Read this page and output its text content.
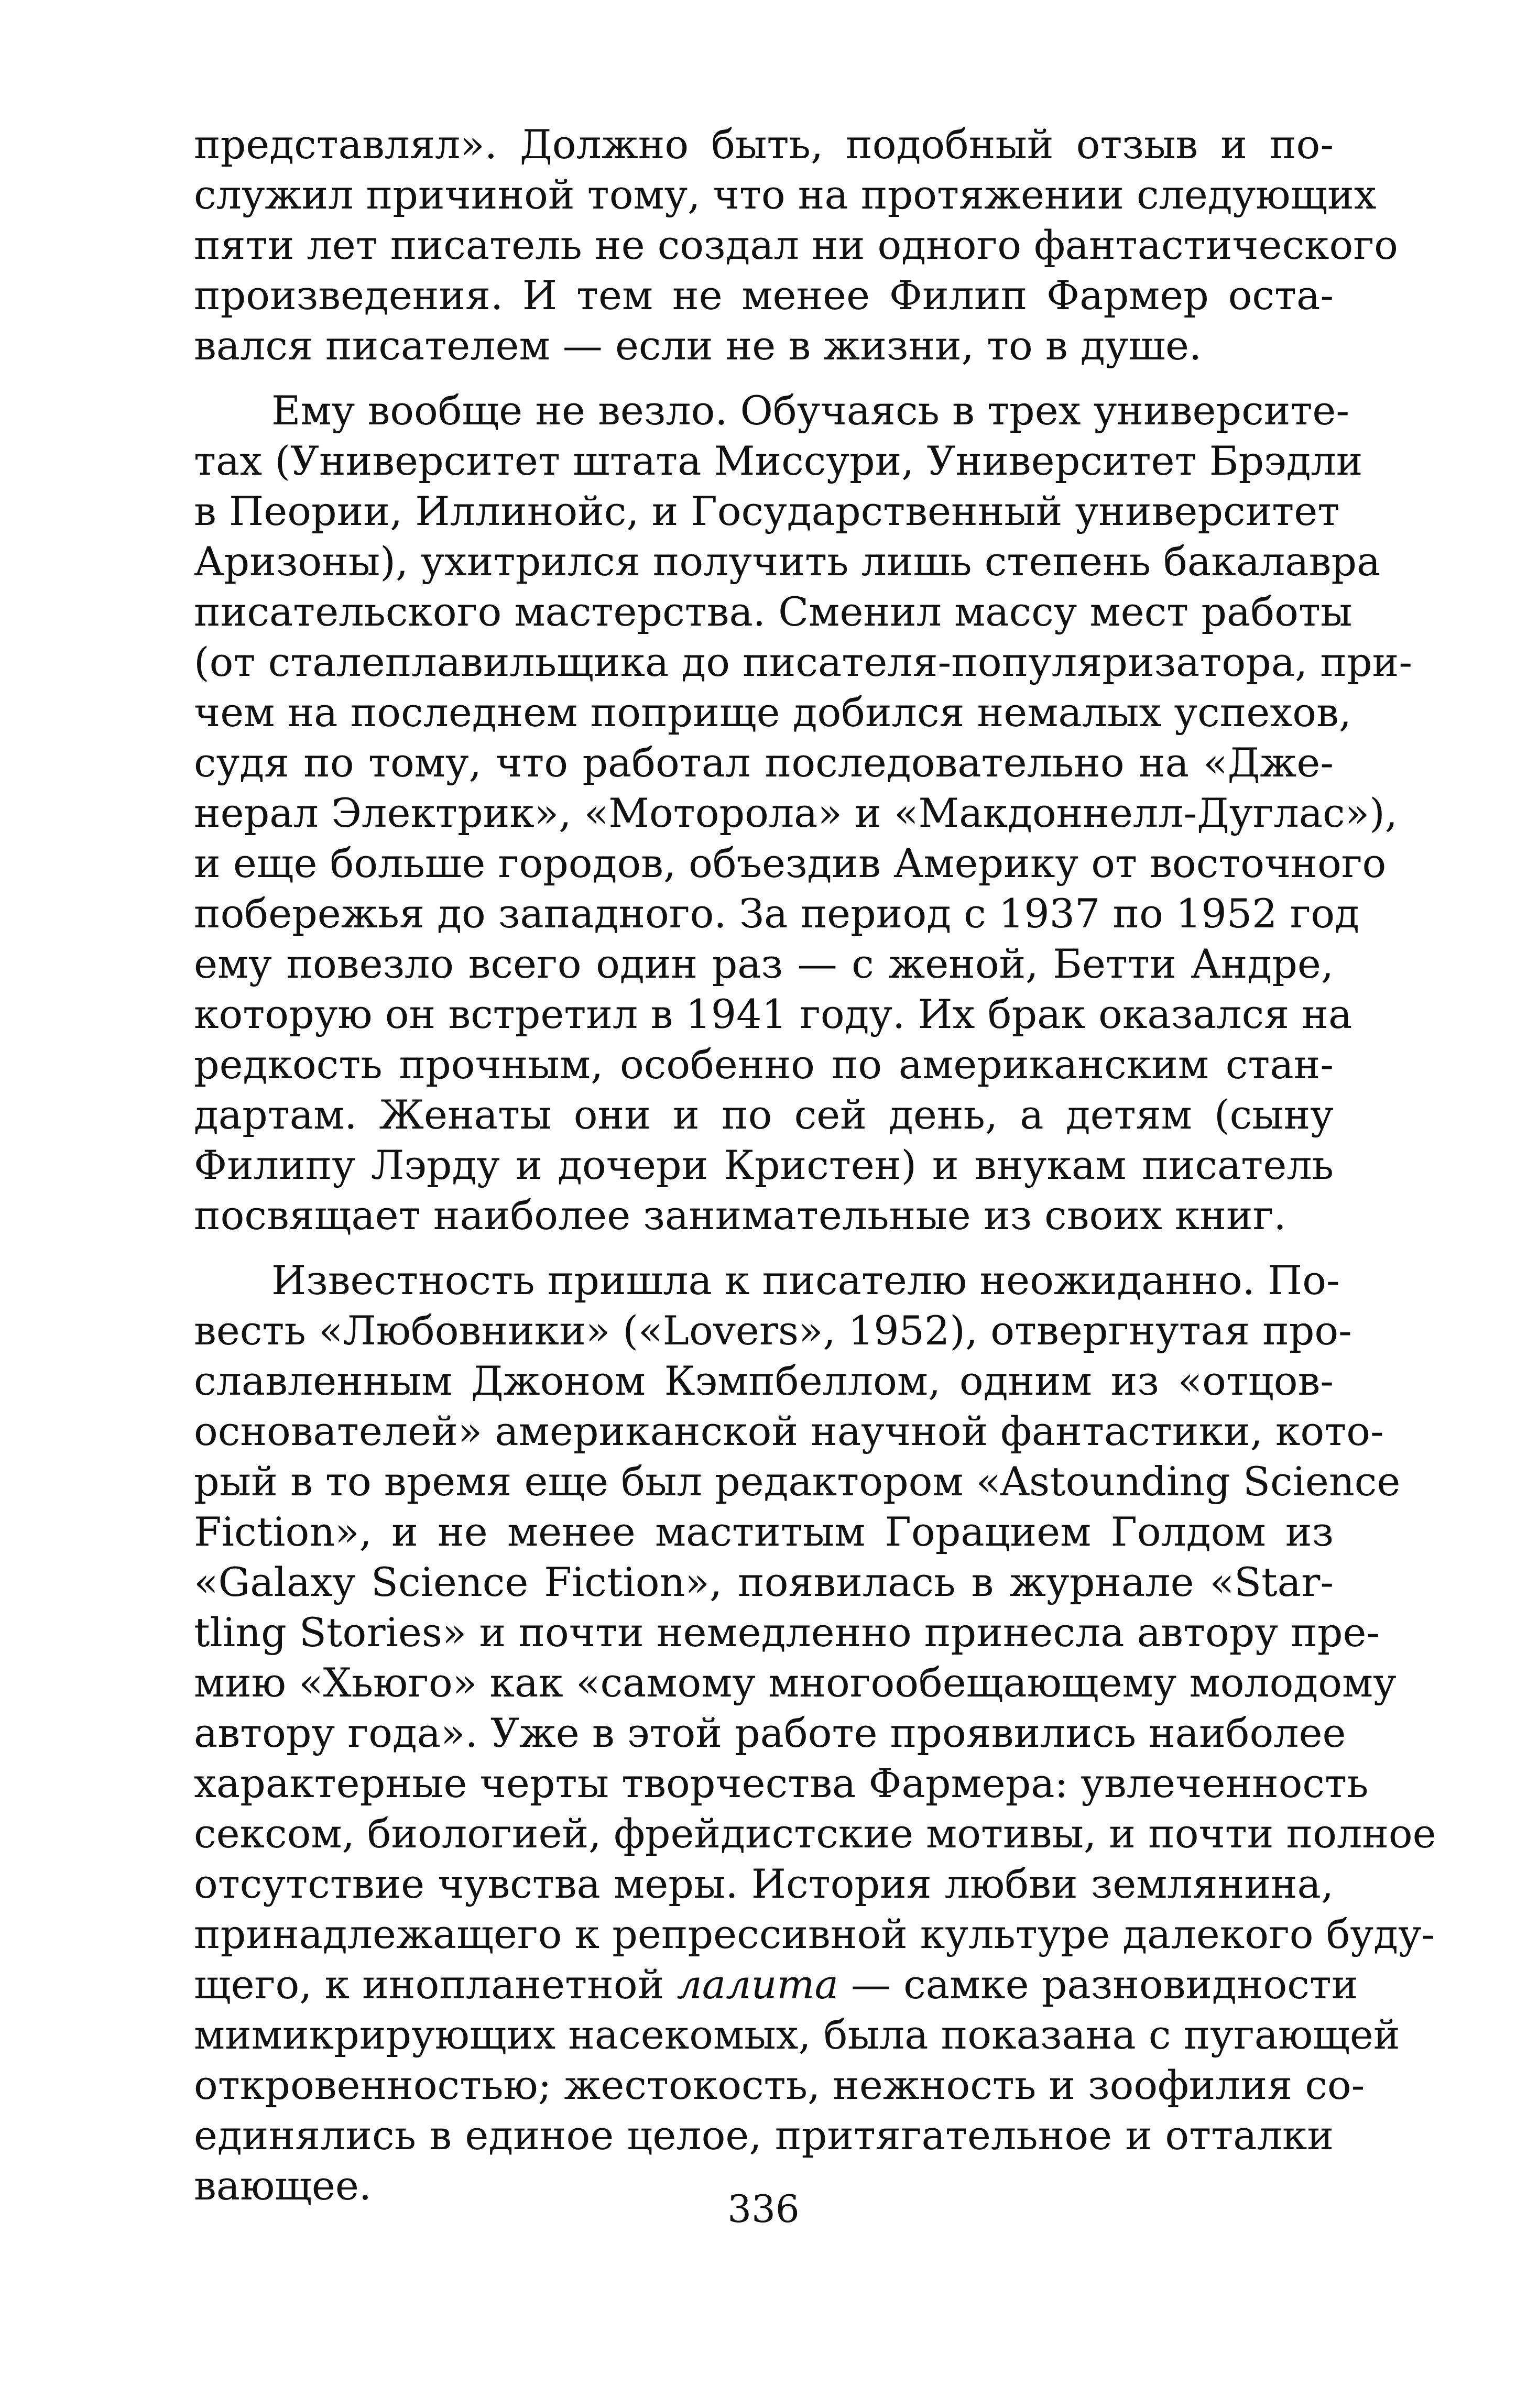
представлял». Должно быть, подобный отзыв и по-
служил причиной тому, что на протяжении следующих
пяти лет писатель не создал ни одного фантастического
произведения. И тем не менее Филип Фармер оста-
вался писателем — если не в жизни, то в душе.
Ему вообще не везло. Обучаясь в трех университе-
тах (Университет штата Миссури, Университет Брэдли
в Пеории, Иллинойс, и Государственный университет
Аризоны), ухитрился получить лишь степень бакалавра
писательского мастерства. Сменил массу мест работы
(от сталеплавильщика до писателя-популяризатора, при-
чем на последнем поприще добился немалых успехов,
судя по тому, что работал последовательно на «Дже-
нерал Электрик», «Моторола» и «Макдоннелл-Дуглас»),
и еще больше городов, объездив Америку от восточного
побережья до западного. За период с 1937 по 1952 год
ему повезло всего один раз — с женой, Бетти Андре,
которую он встретил в 1941 году. Их брак оказался на
редкость прочным, особенно по американским стан-
дартам. Женаты они и по сей день, а детям (сыну
Филипу Лэрду и дочери Кристен) и внукам писатель
посвящает наиболее занимательные из своих книг.
Известность пришла к писателю неожиданно. По-
весть «Любовники» («Lovers», 1952), отвергнутая про-
славленным Джоном Кэмпбеллом, одним из «отцов-
основателей» американской научной фантастики, кото-
рый в то время еще был редактором «Astounding Science
Fiction», и не менее маститым Горацием Голдом из
«Galaxy Science Fiction», появилась в журнале «Star-
tling Stories» и почти немедленно принесла автору пре-
мию «Хьюго» как «самому многообещающему молодому
автору года». Уже в этой работе проявились наиболее
характерные черты творчества Фармера: увлеченность
сексом, биологией, фрейдистские мотивы, и почти полное
отсутствие чувства меры. История любви землянина,
принадлежащего к репрессивной культуре далекого буду-
щего, к инопланетной лалита — самке разновидности
мимикрирующих насекомых, была показана с пугающей
откровенностью; жестокость, нежность и зоофилия со-
единялись в единое целое, притягательное и отталки
вающее.	336
